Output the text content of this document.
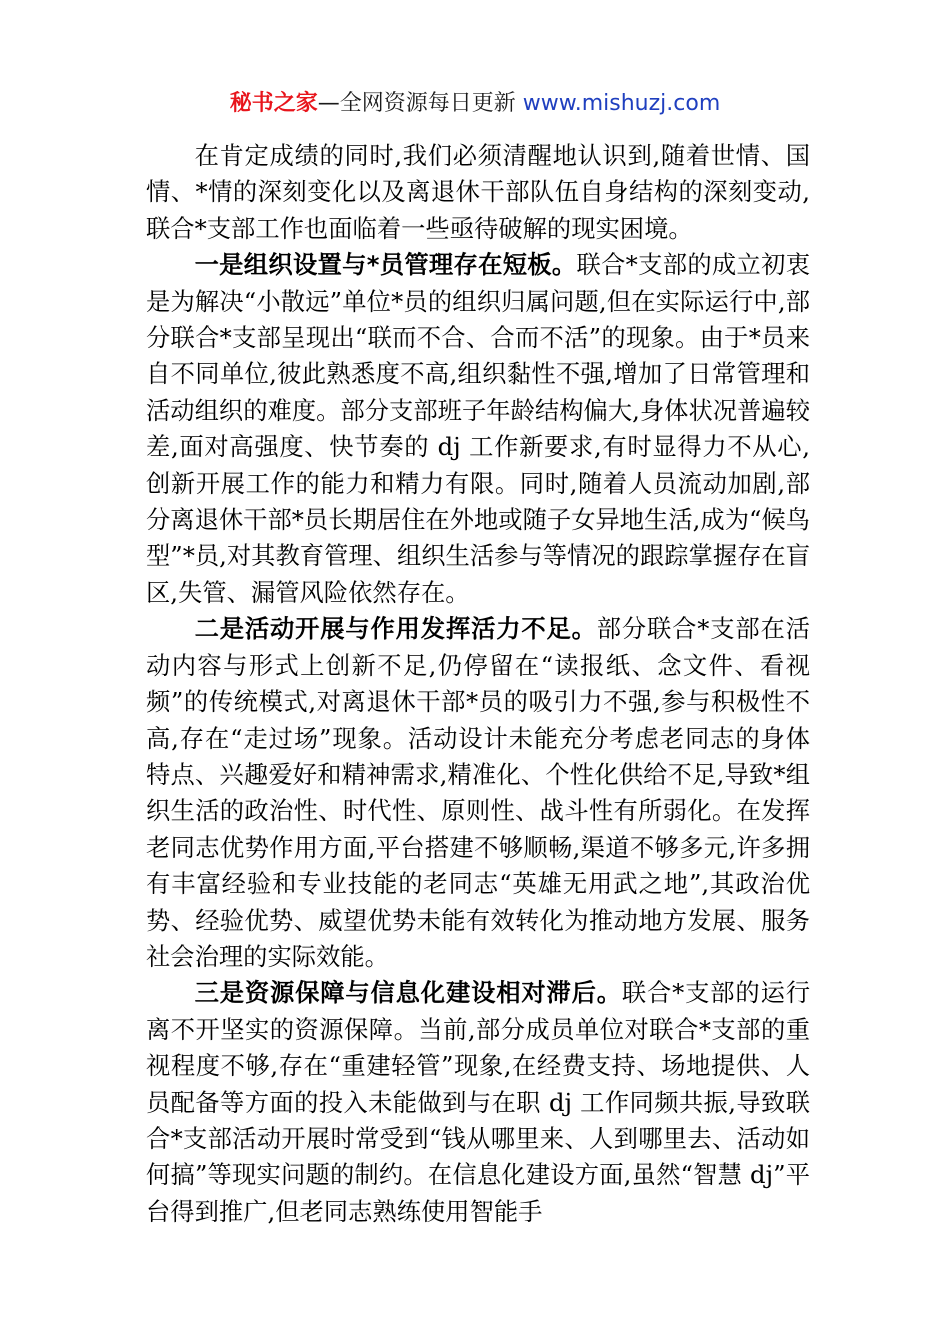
秘书之家—全网资源每日更新 www.mishuzj.com

在肯定成绩的同时,我们必须清醒地认识到,随着世情、国情、*情的深刻变化以及离退休干部队伍自身结构的深刻变动,联合*支部工作也面临着一些亟待破解的现实困境。

一是组织设置与*员管理存在短板。联合*支部的成立初衷是为解决“小散远”单位*员的组织归属问题,但在实际运行中,部分联合*支部呈现出“联而不合、合而不活”的现象。由于*员来自不同单位,彼此熟悉度不高,组织黏性不强,增加了日常管理和活动组织的难度。部分支部班子年龄结构偏大,身体状况普遍较差,面对高强度、快节奏的 dj 工作新要求,有时显得力不从心,创新开展工作的能力和精力有限。同时,随着人员流动加剧,部分离退休干部*员长期居住在外地或随子女异地生活,成为“候鸟型”*员,对其教育管理、组织生活参与等情况的跟踪掌握存在盲区,失管、漏管风险依然存在。

二是活动开展与作用发挥活力不足。部分联合*支部在活动内容与形式上创新不足,仍停留在“读报纸、念文件、看视频”的传统模式,对离退休干部*员的吸引力不强,参与积极性不高,存在“走过场”现象。活动设计未能充分考虑老同志的身体特点、兴趣爱好和精神需求,精准化、个性化供给不足,导致*组织生活的政治性、时代性、原则性、战斗性有所弱化。在发挥老同志优势作用方面,平台搭建不够顺畅,渠道不够多元,许多拥有丰富经验和专业技能的老同志“英雄无用武之地”,其政治优势、经验优势、威望优势未能有效转化为推动地方发展、服务社会治理的实际效能。

三是资源保障与信息化建设相对滞后。联合*支部的运行离不开坚实的资源保障。当前,部分成员单位对联合*支部的重视程度不够,存在“重建轻管”现象,在经费支持、场地提供、人员配备等方面的投入未能做到与在职 dj 工作同频共振,导致联合*支部活动开展时常受到“钱从哪里来、人到哪里去、活动如何搞”等现实问题的制约。在信息化建设方面,虽然“智慧 dj”平台得到推广,但老同志熟练使用智能手
